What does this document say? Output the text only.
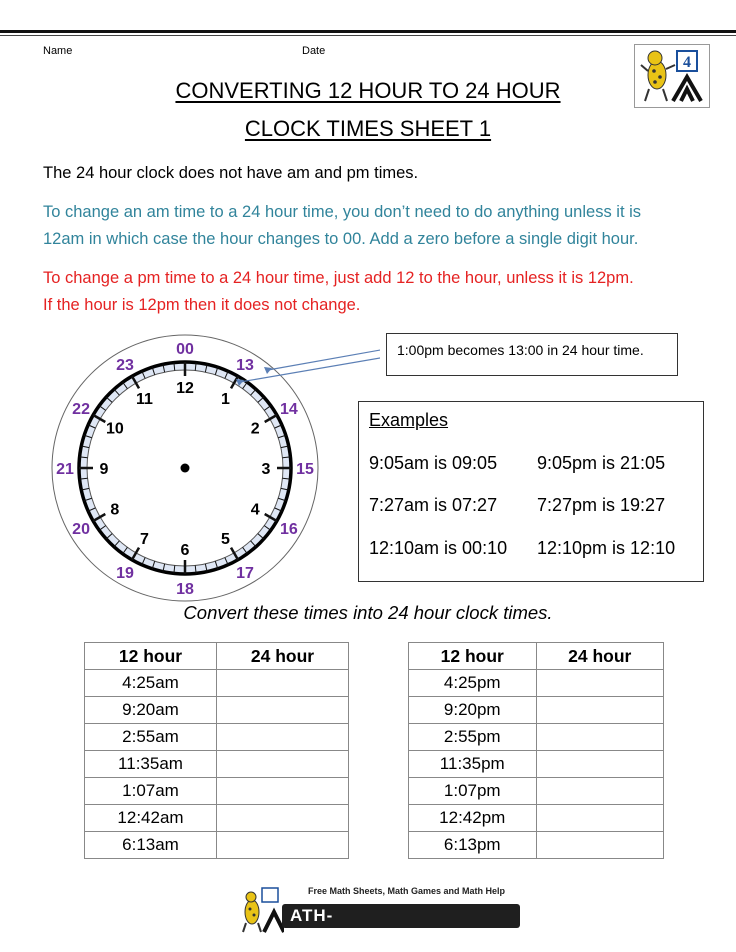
Name	Date
4
CONVERTING 12 HOUR TO 24 HOUR
CLOCK TIMES SHEET 1
The 24 hour clock does not have am and pm times.
To change an am time to a 24 hour time, you don’t need to do anything unless it is
12am in which case the hour changes to 00. Add a zero before a single digit hour.
To change a pm time to a 24 hour time, just add 12 to the hour, unless it is 12pm.
If the hour is 12pm then it does not change.
12
1
2
3
4
5
6
7
8
9
10
11
00
13
14
15
16
17
18
19
20
21
22
23
1:00pm becomes 13:00 in 24 hour time.
Examples
9:05am is 09:05 9:05pm is 21:05
7:27am is 07:27 7:27pm is 19:27
12:10am is 00:10 12:10pm is 12:10
Convert these times into 24 hour clock times.
12 hour	24 hour
4:25am	
9:20am	
2:55am	
11:35am	
1:07am	
12:42am	
6:13am	
12 hour	24 hour
4:25pm	
9:20pm	
2:55pm	
11:35pm	
1:07pm	
12:42pm	
6:13pm	
Free Math Sheets, Math Games and Math Help
ATH-SALAMANDERS.COM
